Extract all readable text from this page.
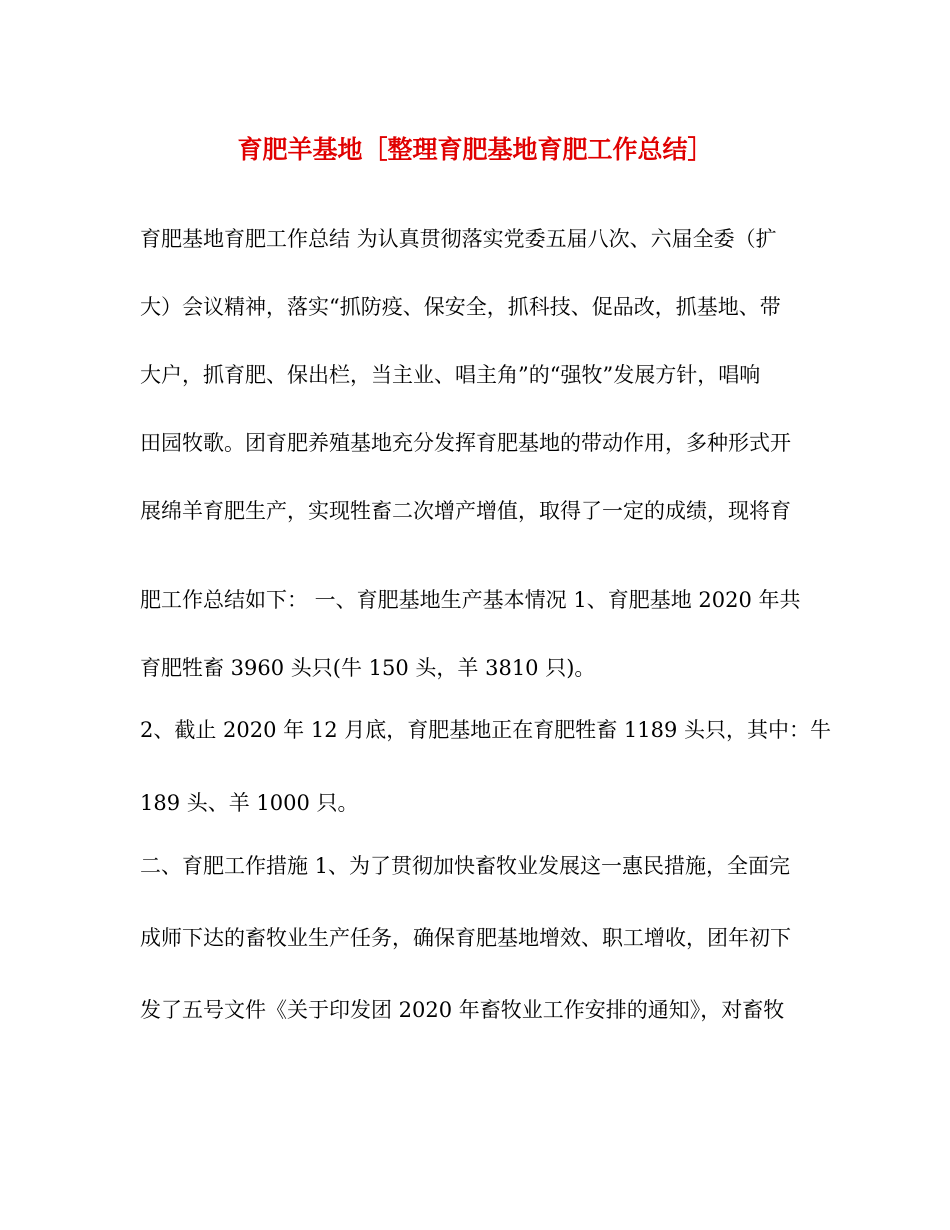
育肥羊基地［整理育肥基地育肥工作总结］
育肥基地育肥工作总结 为认真贯彻落实党委五届八次、六届全委（扩
大）会议精神，落实“抓防疫、保安全，抓科技、促品改，抓基地、带
大户，抓育肥、保出栏，当主业、唱主角”的“强牧”发展方针，唱响
田园牧歌。团育肥养殖基地充分发挥育肥基地的带动作用，多种形式开
展绵羊育肥生产，实现牲畜二次增产增值，取得了一定的成绩，现将育
肥工作总结如下： 一、育肥基地生产基本情况 1、育肥基地 2020 年共
育肥牲畜 3960 头只(牛 150 头，羊 3810 只)。
2、截止 2020 年 12 月底，育肥基地正在育肥牲畜 1189 头只，其中：牛
189 头、羊 1000 只。
二、育肥工作措施 1、为了贯彻加快畜牧业发展这一惠民措施，全面完
成师下达的畜牧业生产任务，确保育肥基地增效、职工增收，团年初下
发了五号文件《关于印发团 2020 年畜牧业工作安排的通知》，对畜牧
